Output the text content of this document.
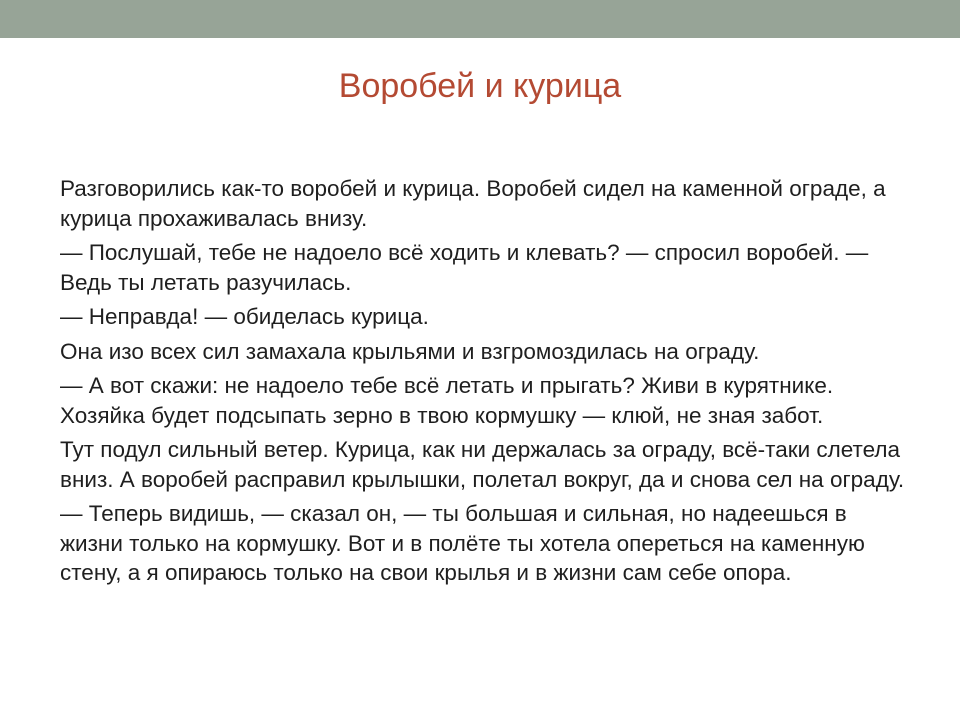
Воробей и курица

Разговорились как-то воробей и курица. Воробей сидел на каменной ограде, а курица прохаживалась внизу.

— Послушай, тебе не надоело всё ходить и клевать? — спросил воробей. — Ведь ты летать разучилась.

— Неправда! — обиделась курица.

Она изо всех сил замахала крыльями и взгромоздилась на ограду.

— А вот скажи: не надоело тебе всё летать и прыгать? Живи в курятнике. Хозяйка будет подсыпать зерно в твою кормушку — клюй, не зная забот.

Тут подул сильный ветер. Курица, как ни держалась за ограду, всё-таки слетела вниз. А воробей расправил крылышки, полетал вокруг, да и снова сел на ограду.

— Теперь видишь, — сказал он, — ты большая и сильная, но надеешься в жизни только на кормушку. Вот и в полёте ты хотела опереться на каменную стену, а я опираюсь только на свои крылья и в жизни сам себе опора.
